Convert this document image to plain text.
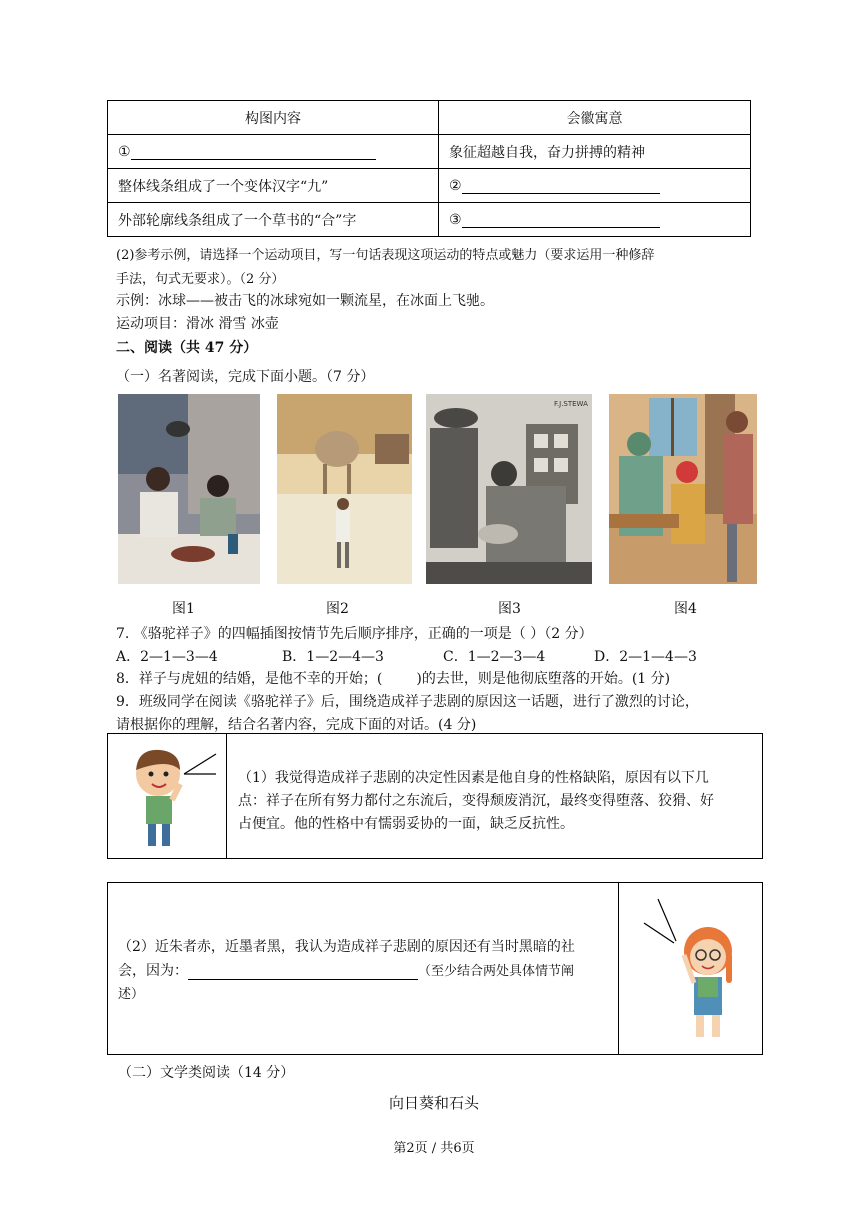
构图内容	会徽寓意
①	象征超越自我，奋力拼搏的精神
整体线条组成了一个变体汉字“九”	②
外部轮廓线条组成了一个草书的“合”字	③
(2)参考示例，请选择一个运动项目，写一句话表现这项运动的特点或魅力（要求运用一种修辞
手法，句式无要求）。（2 分）
示例：冰球——被击飞的冰球宛如一颗流星，在冰面上飞驰。
运动项目：滑冰 滑雪 冰壶
二、阅读（共 47 分）
（一）名著阅读，完成下面小题。（7 分）
F.J.STEWA
图1	图2	图3	图4
7. 《骆驼祥子》的四幅插图按情节先后顺序排序，正确的一项是（ ）（2 分）
A．2—1—3—4	B．1—2—4—3	C．1—2—3—4	D．2—1—4—3
8．祥子与虎妞的结婚，是他不幸的开始；( )的去世，则是他彻底堕落的开始。(1 分)
9．班级同学在阅读《骆驼祥子》后，围绕造成祥子悲剧的原因这一话题，进行了激烈的讨论，
请根据你的理解，结合名著内容，完成下面的对话。(4 分)
（1）我觉得造成祥子悲剧的决定性因素是他自身的性格缺陷，原因有以下几
点：祥子在所有努力都付之东流后，变得颓废消沉，最终变得堕落、狡猾、好
占便宜。他的性格中有懦弱妥协的一面，缺乏反抗性。
（2）近朱者赤，近墨者黑，我认为造成祥子悲剧的原因还有当时黑暗的社
会，因为：	（至少结合两处具体情节阐
述）
（二）文学类阅读（14 分）
向日葵和石头
第2页 / 共6页
